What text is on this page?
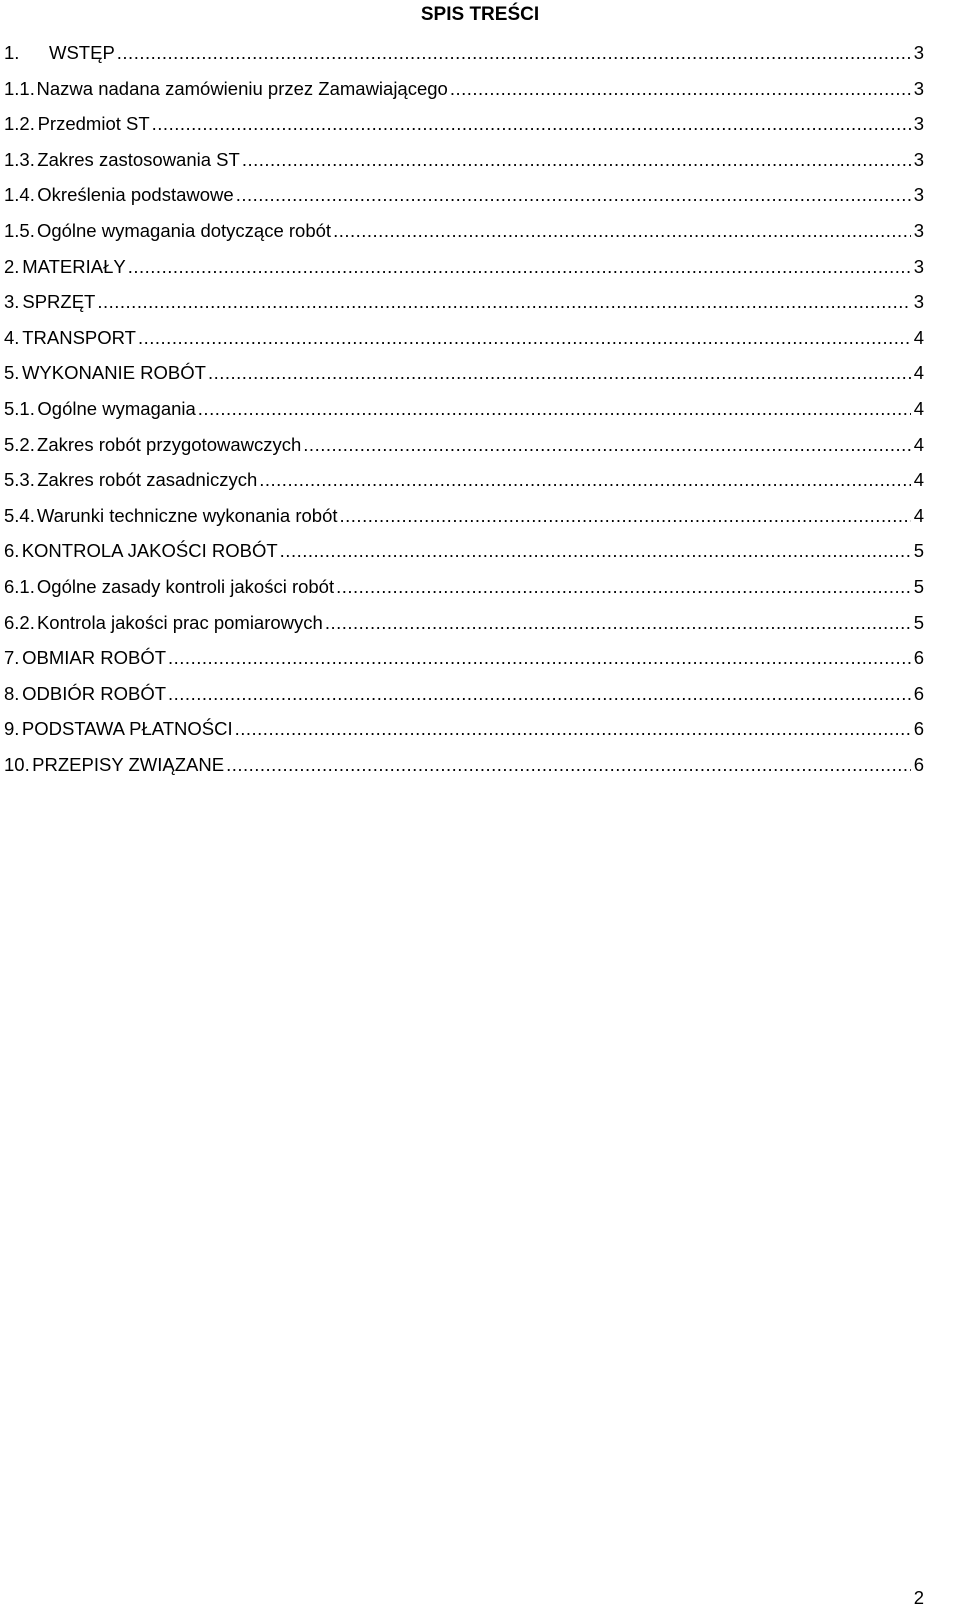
SPIS TREŚCI
1.	WSTĘP .....	3
1.1. Nazwa nadana zamówieniu przez Zamawiającego .....	3
1.2. Przedmiot ST .....	3
1.3. Zakres zastosowania ST .....	3
1.4. Określenia podstawowe .....	3
1.5. Ogólne wymagania dotyczące robót .....	3
2. MATERIAŁY .....	3
3. SPRZĘT .....	3
4. TRANSPORT .....	4
5. WYKONANIE ROBÓT .....	4
5.1. Ogólne wymagania .....	4
5.2. Zakres robót przygotowawczych .....	4
5.3. Zakres robót zasadniczych .....	4
5.4. Warunki techniczne wykonania robót .....	4
6. KONTROLA JAKOŚCI ROBÓT .....	5
6.1. Ogólne zasady kontroli jakości robót .....	5
6.2. Kontrola jakości prac pomiarowych .....	5
7. OBMIAR ROBÓT .....	6
8. ODBIÓR ROBÓT .....	6
9. PODSTAWA PŁATNOŚCI .....	6
10. PRZEPISY ZWIĄZANE .....	6
2
